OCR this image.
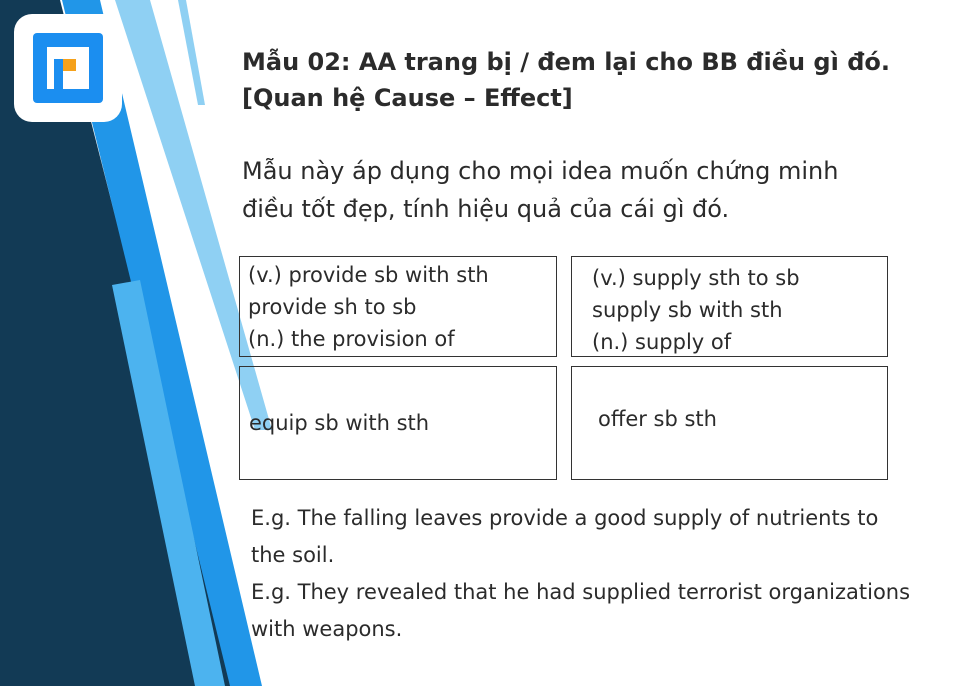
Mẫu 02: AA trang bị / đem lại cho BB điều gì đó.
[Quan hệ Cause – Effect]
Mẫu này áp dụng cho mọi idea muốn chứng minh
điều tốt đẹp, tính hiệu quả của cái gì đó.
(v.) provide sb with sth
provide sh to sb
(n.) the provision of
(v.) supply sth to sb
supply sb with sth
(n.) supply of
equip sb with sth	offer sb sth
E.g. The falling leaves provide a good supply of nutrients to
the soil.
E.g. They revealed that he had supplied terrorist organizations
with weapons.
